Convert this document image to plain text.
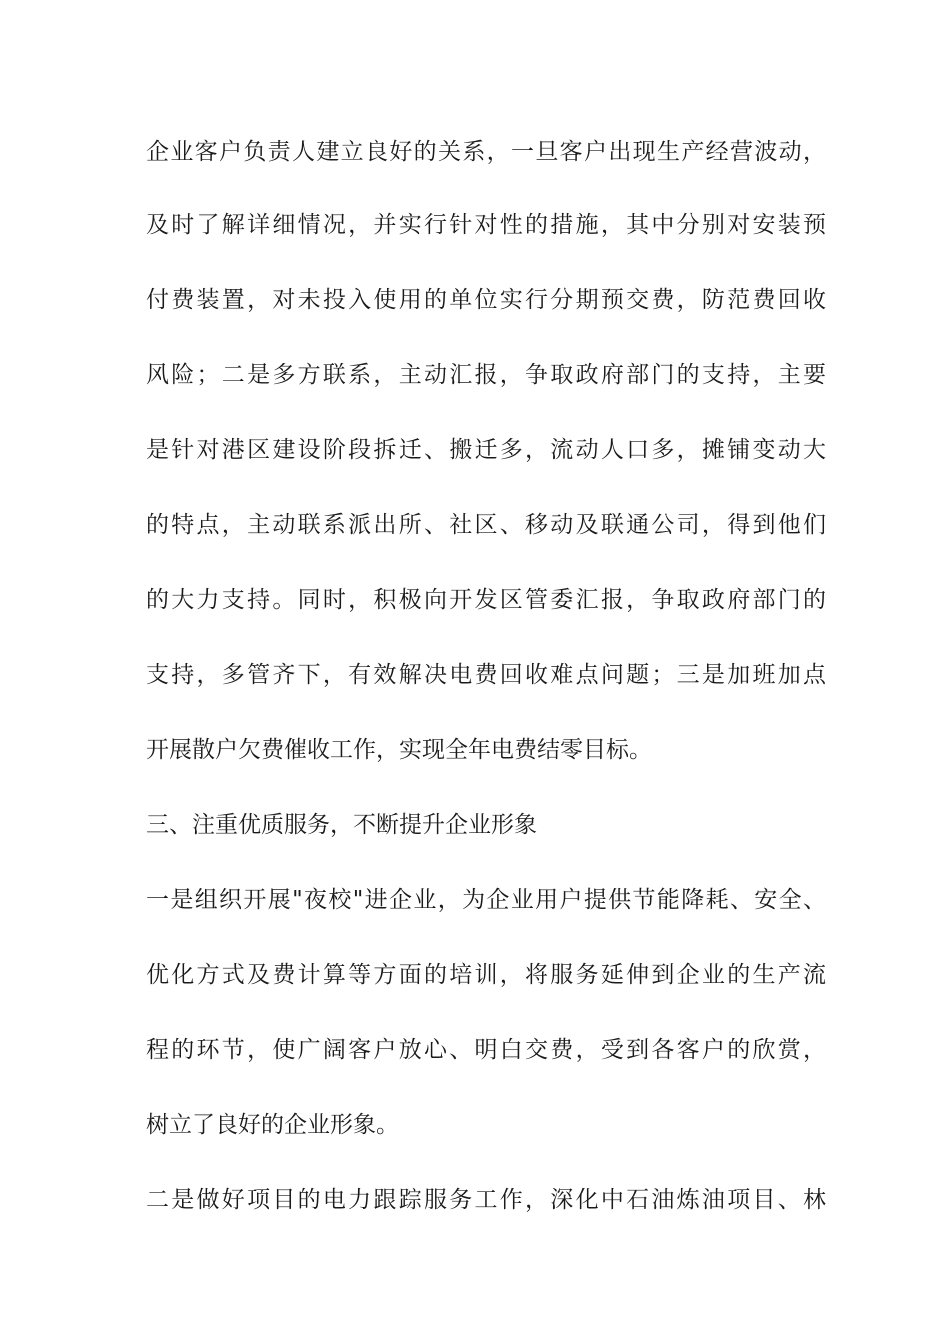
企业客户负责人建立良好的关系，一旦客户出现生产经营波动，
及时了解详细情况，并实行针对性的措施，其中分别对安装预
付费装置，对未投入使用的单位实行分期预交费，防范费回收
风险；二是多方联系，主动汇报，争取政府部门的支持，主要
是针对港区建设阶段拆迁、搬迁多，流动人口多，摊铺变动大
的特点，主动联系派出所、社区、移动及联通公司，得到他们
的大力支持。同时，积极向开发区管委汇报，争取政府部门的
支持，多管齐下，有效解决电费回收难点问题；三是加班加点
开展散户欠费催收工作，实现全年电费结零目标。
三、注重优质服务，不断提升企业形象
一是组织开展"夜校"进企业，为企业用户提供节能降耗、安全、
优化方式及费计算等方面的培训，将服务延伸到企业的生产流
程的环节，使广阔客户放心、明白交费，受到各客户的欣赏，
树立了良好的企业形象。
二是做好项目的电力跟踪服务工作，深化中石油炼油项目、林
